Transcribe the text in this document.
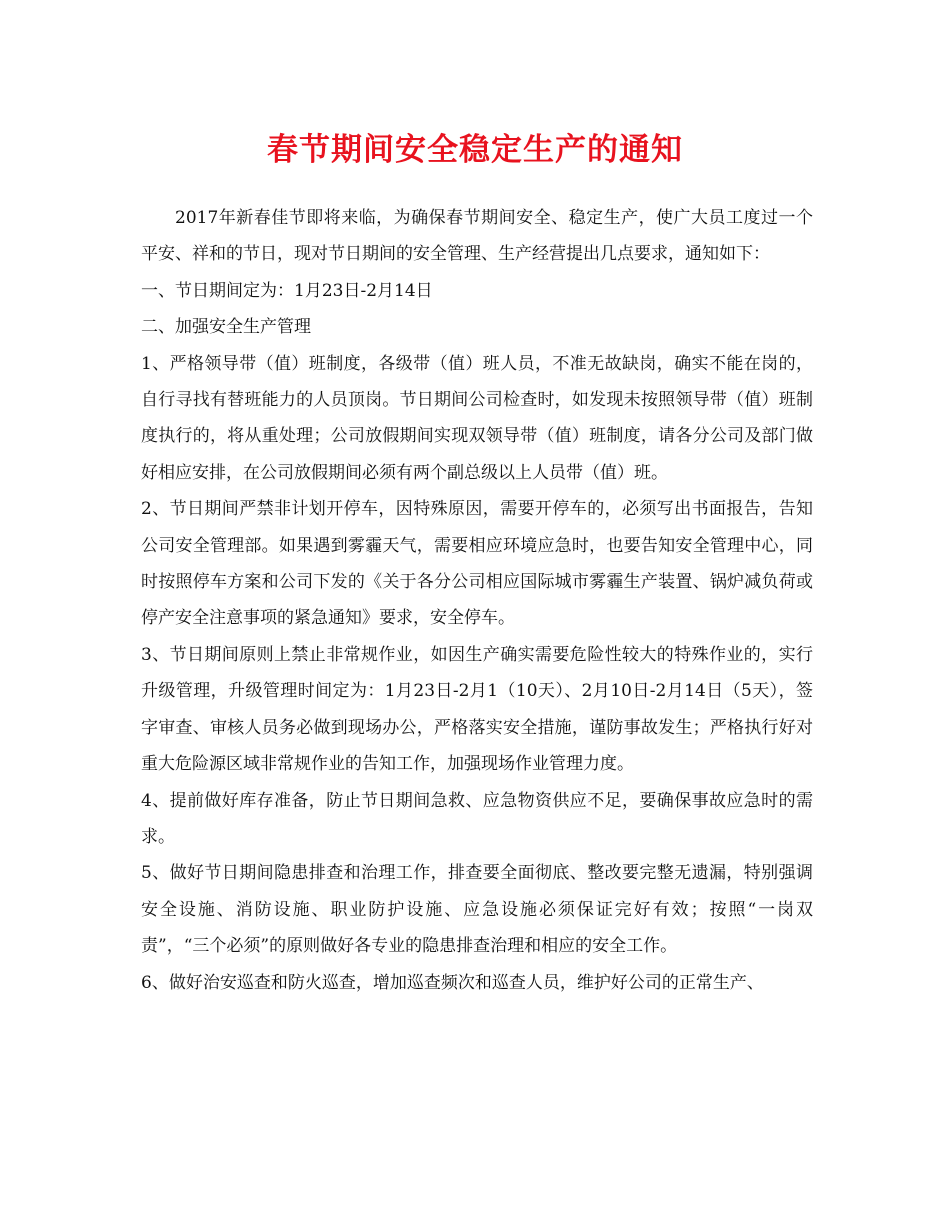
春节期间安全稳定生产的通知

2017年新春佳节即将来临，为确保春节期间安全、稳定生产，使广大员工度过一个平安、祥和的节日，现对节日期间的安全管理、生产经营提出几点要求，通知如下：

一、节日期间定为：1月23日-2月14日

二、加强安全生产管理

1、严格领导带（值）班制度，各级带（值）班人员，不准无故缺岗，确实不能在岗的，自行寻找有替班能力的人员顶岗。节日期间公司检查时，如发现未按照领导带（值）班制度执行的，将从重处理；公司放假期间实现双领导带（值）班制度，请各分公司及部门做好相应安排，在公司放假期间必须有两个副总级以上人员带（值）班。

2、节日期间严禁非计划开停车，因特殊原因，需要开停车的，必须写出书面报告，告知公司安全管理部。如果遇到雾霾天气，需要相应环境应急时，也要告知安全管理中心，同时按照停车方案和公司下发的《关于各分公司相应国际城市雾霾生产装置、锅炉减负荷或停产安全注意事项的紧急通知》要求，安全停车。

3、节日期间原则上禁止非常规作业，如因生产确实需要危险性较大的特殊作业的，实行升级管理，升级管理时间定为：1月23日-2月1（10天）、2月10日-2月14日（5天），签字审查、审核人员务必做到现场办公，严格落实安全措施，谨防事故发生；严格执行好对重大危险源区域非常规作业的告知工作，加强现场作业管理力度。

4、提前做好库存准备，防止节日期间急救、应急物资供应不足，要确保事故应急时的需求。

5、做好节日期间隐患排查和治理工作，排查要全面彻底、整改要完整无遗漏，特别强调安全设施、消防设施、职业防护设施、应急设施必须保证完好有效；按照“一岗双责”，“三个必须”的原则做好各专业的隐患排查治理和相应的安全工作。

6、做好治安巡查和防火巡查，增加巡查频次和巡查人员，维护好公司的正常生产、
